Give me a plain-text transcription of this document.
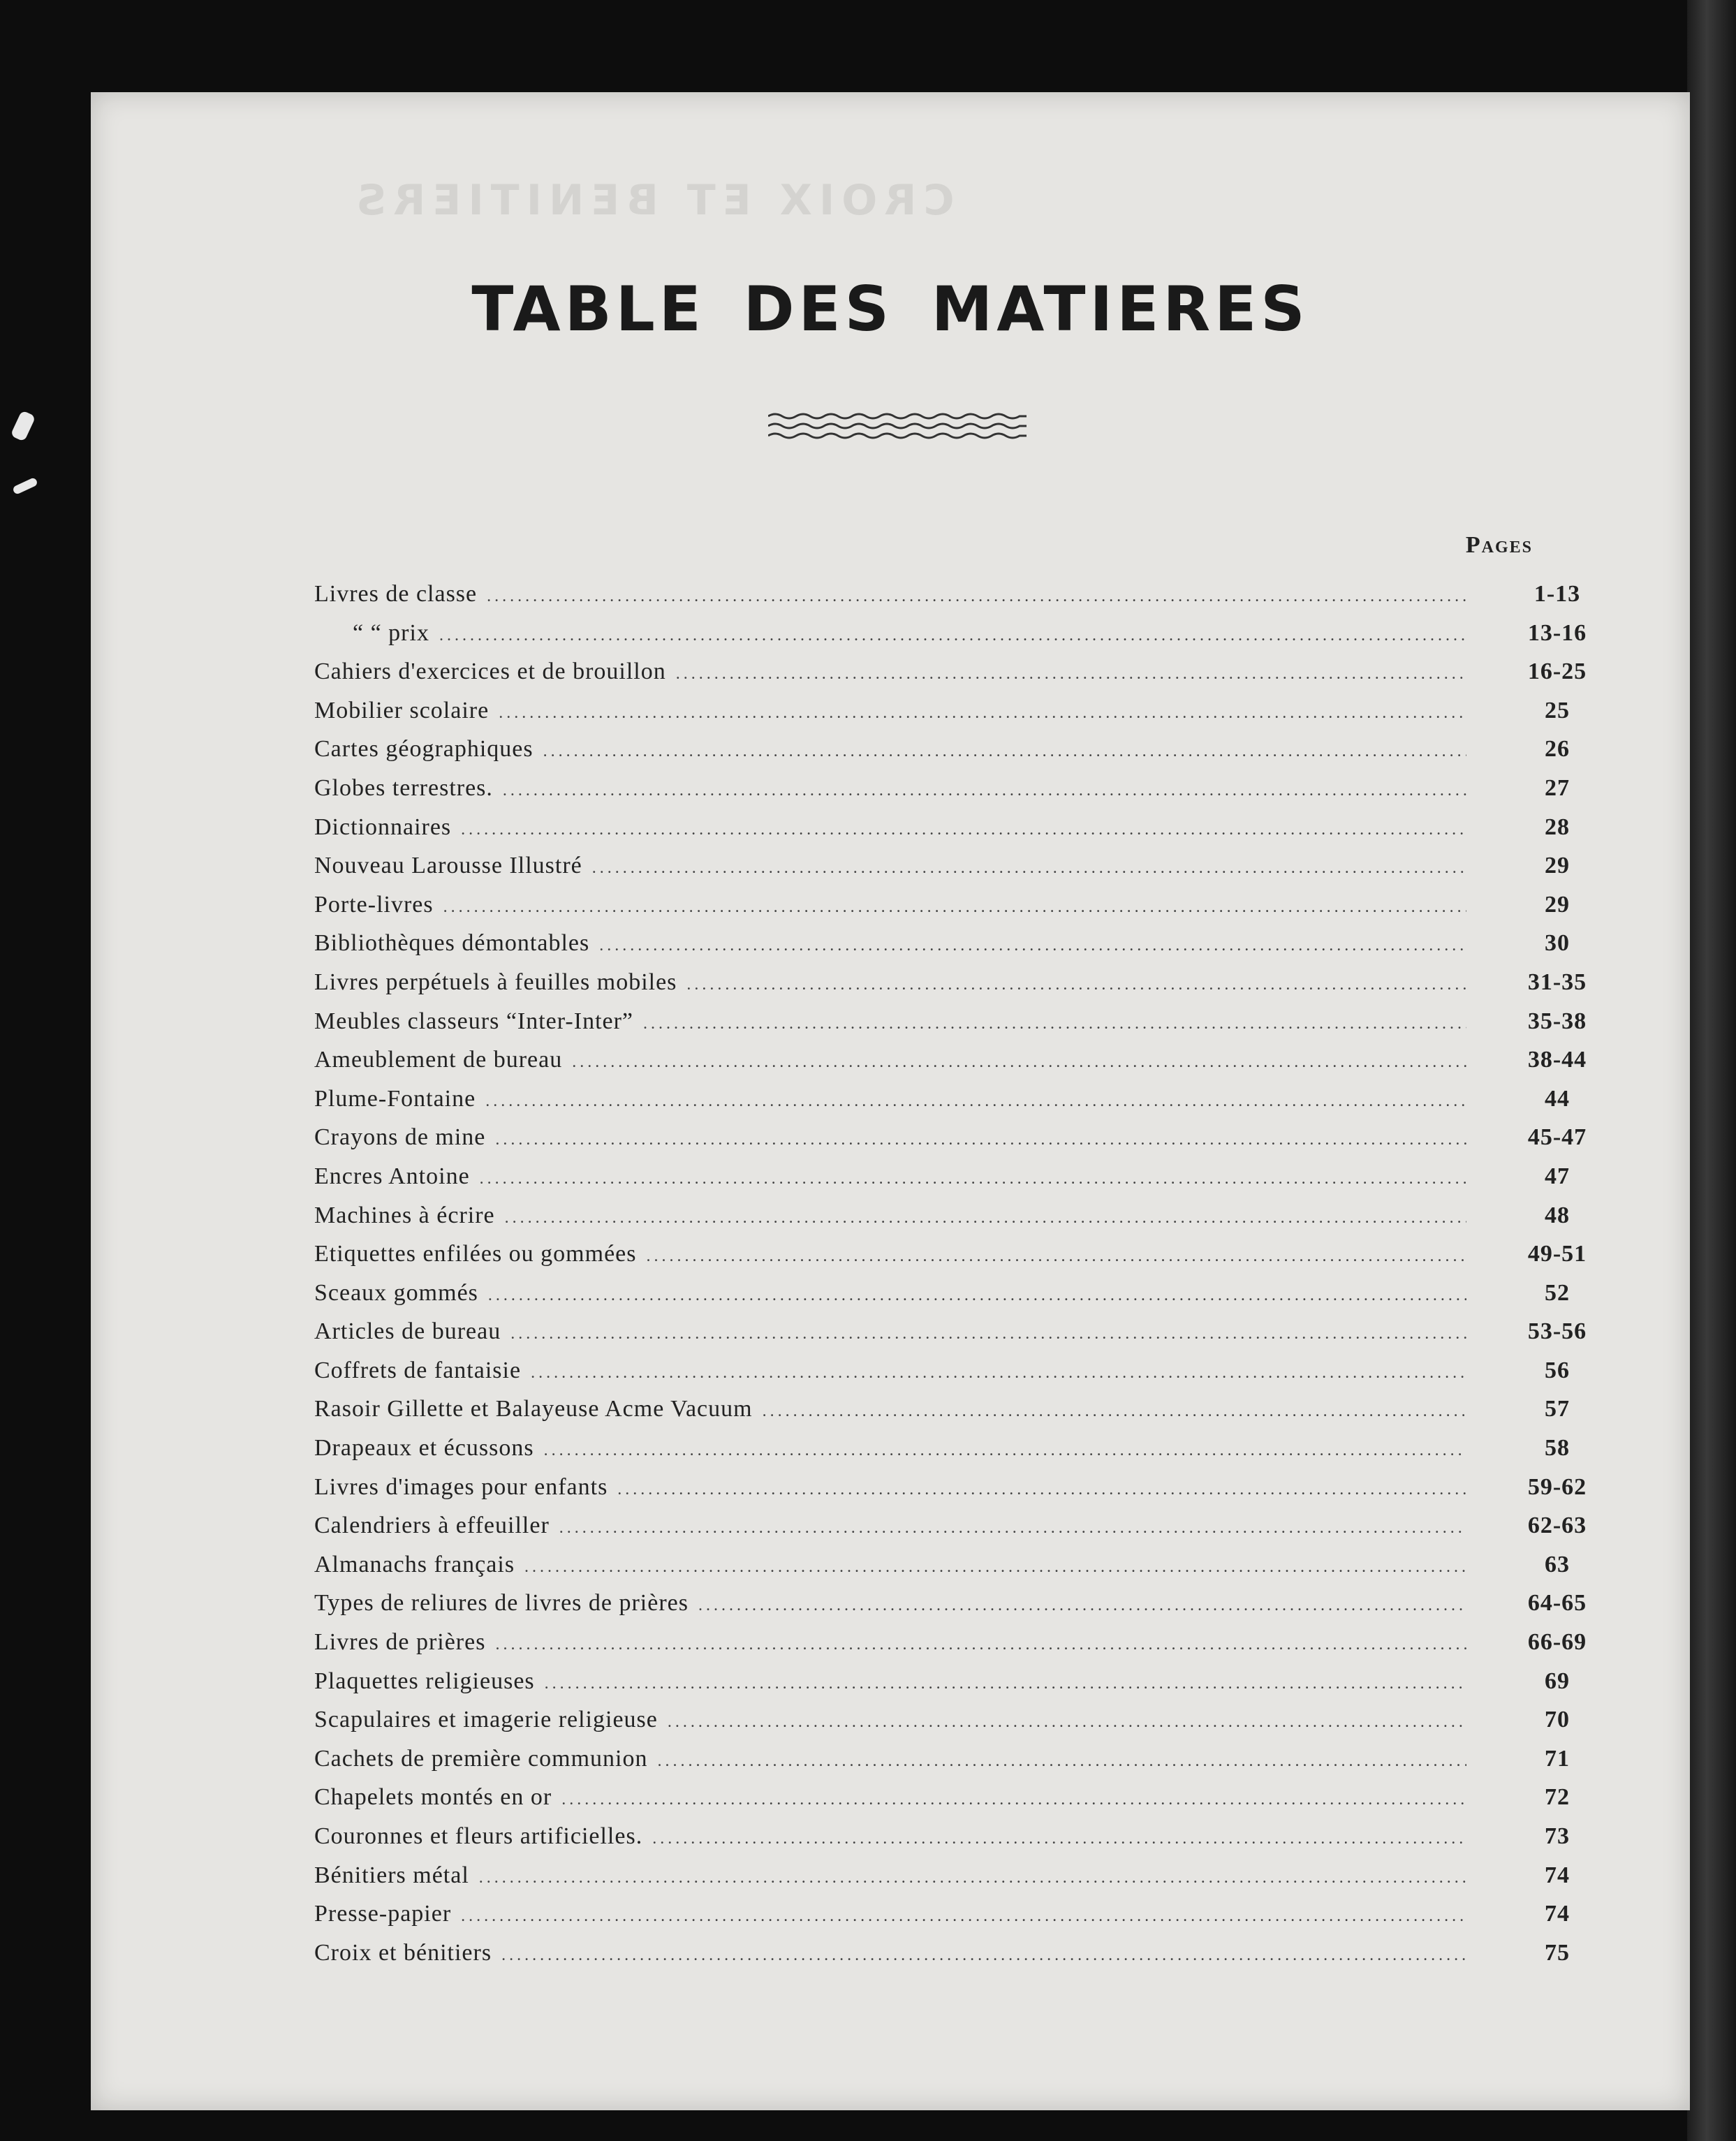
CROIX ET BENITIERS
TABLE DES MATIERES
Pages
Livres de classe .....	1-13
“ “ prix .....	13-16
Cahiers d'exercices et de brouillon .....	16-25
Mobilier scolaire .....	25
Cartes géographiques .....	26
Globes terrestres. .....	27
Dictionnaires .....	28
Nouveau Larousse Illustré .....	29
Porte-livres .....	29
Bibliothèques démontables .....	30
Livres perpétuels à feuilles mobiles .....	31-35
Meubles classeurs “Inter-Inter” .....	35-38
Ameublement de bureau .....	38-44
Plume-Fontaine .....	44
Crayons de mine .....	45-47
Encres Antoine .....	47
Machines à écrire .....	48
Etiquettes enfilées ou gommées .....	49-51
Sceaux gommés .....	52
Articles de bureau .....	53-56
Coffrets de fantaisie .....	56
Rasoir Gillette et Balayeuse Acme Vacuum .....	57
Drapeaux et écussons .....	58
Livres d'images pour enfants .....	59-62
Calendriers à effeuiller .....	62-63
Almanachs français .....	63
Types de reliures de livres de prières .....	64-65
Livres de prières .....	66-69
Plaquettes religieuses .....	69
Scapulaires et imagerie religieuse .....	70
Cachets de première communion .....	71
Chapelets montés en or .....	72
Couronnes et fleurs artificielles. .....	73
Bénitiers métal .....	74
Presse-papier .....	74
Croix et bénitiers .....	75
